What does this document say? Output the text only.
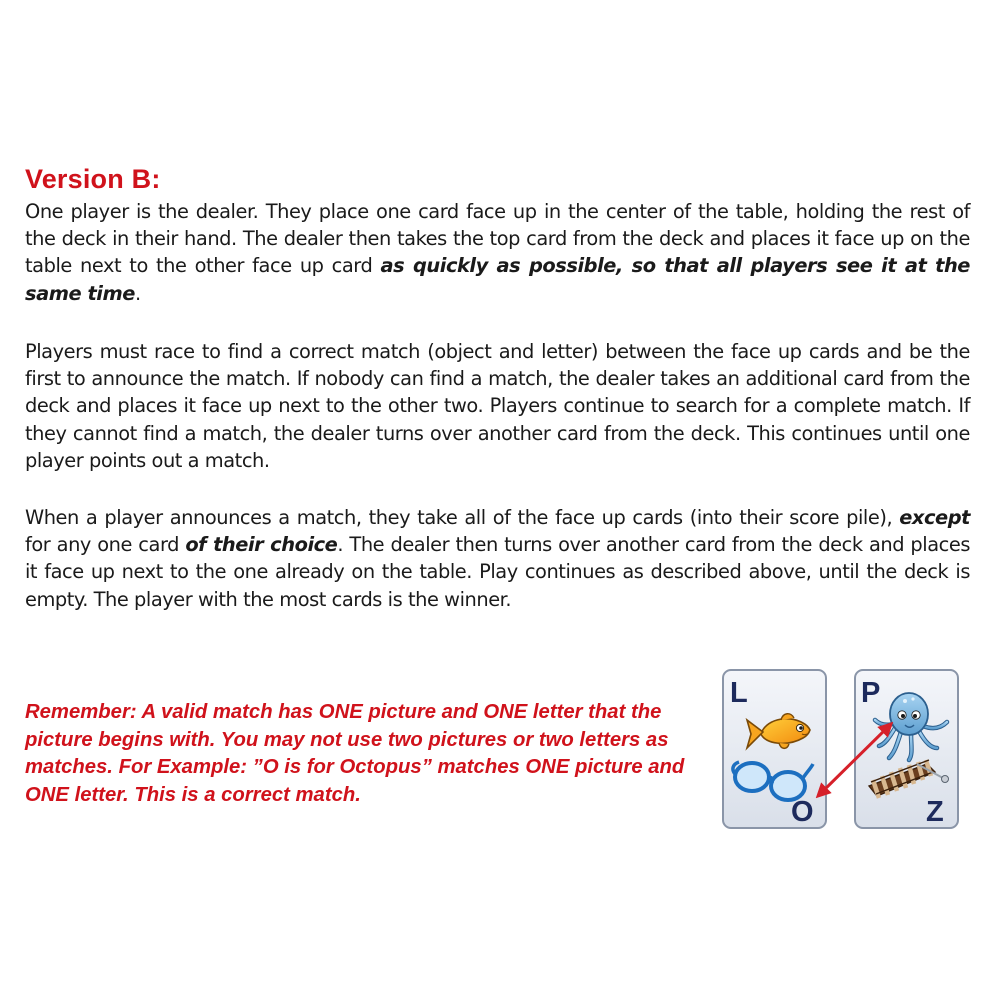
Version B:

One player is the dealer. They place one card face up in the center of the table, holding the rest of the deck in their hand. The dealer then takes the top card from the deck and places it face up on the table next to the other face up card as quickly as possible, so that all players see it at the same time.

Players must race to find a correct match (object and letter) between the face up cards and be the first to announce the match. If nobody can find a match, the dealer takes an additional card from the deck and places it face up next to the other two. Players continue to search for a complete match. If they cannot find a match, the dealer turns over another card from the deck. This continues until one player points out a match.

When a player announces a match, they take all of the face up cards (into their score pile), except for any one card of their choice. The dealer then turns over another card from the deck and places it face up next to the one already on the table. Play continues as described above, until the deck is empty. The player with the most cards is the winner.

Remember: A valid match has ONE picture and ONE letter that the picture begins with. You may not use two pictures or two letters as matches. For Example: ”O is for Octopus” matches ONE picture and ONE letter. This is a correct match.

L
O
P
Z
